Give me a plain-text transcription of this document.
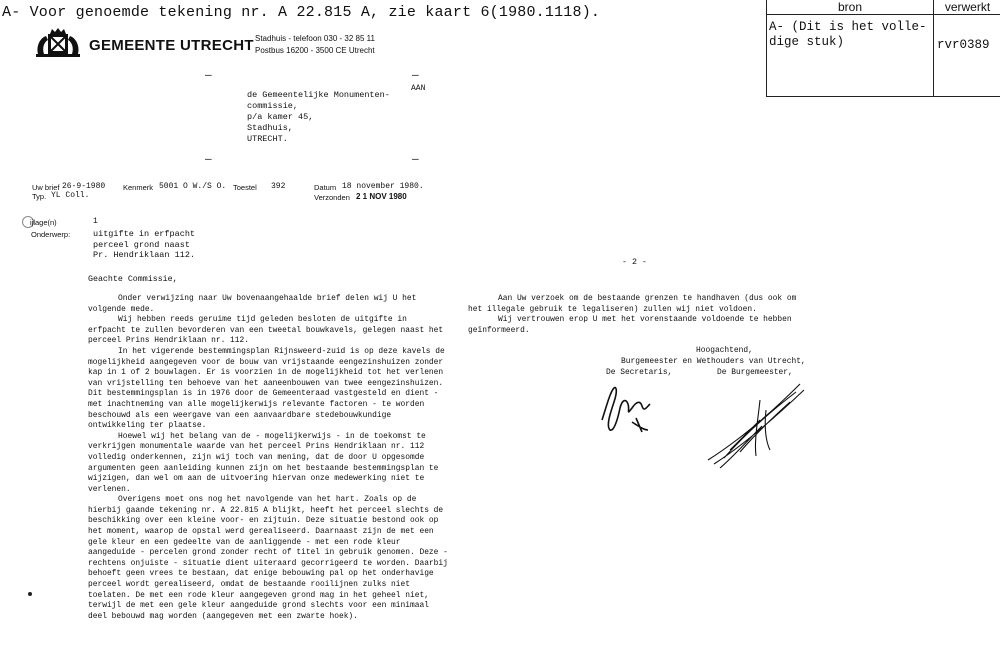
A- Voor genoemde tekening nr. A 22.815 A, zie kaart 6(1980.1118).	bron	verwerkt
A- (Dit is het volle-
dige stuk)	rvr0389
GEMEENTE UTRECHT Stadhuis - telefoon 030 - 32 85 11
Postbus 16200 - 3500 CE Utrecht
–	–
–	–
AAN
de Gemeentelijke Monumenten-
commissie,
p/a kamer 45,
Stadhuis,
UTRECHT.
Uw brief 26-9-1980
Typ. YL Coll.
Kenmerk 5001 O W./S O. Toestel 392	Datum 18 november 1980.
Verzonden 2 1 NOV 1980
ijlage(n)	1
Onderwerp:	uitgifte in erfpacht
perceel grond naast
Pr. Hendriklaan 112.
Geachte Commissie,

Onder verwijzing naar Uw bovenaangehaalde brief delen wij U het volgende mede.

Wij hebben reeds geruime tijd geleden besloten de uitgifte in erfpacht te zullen bevorderen van een tweetal bouwkavels, gelegen naast het perceel Prins Hendriklaan nr. 112.

In het vigerende bestemmingsplan Rijnsweerd-zuid is op deze kavels de mogelijkheid aangegeven voor de bouw van vrijstaande eengezinshuizen zonder kap in 1 of 2 bouwlagen. Er is voorzien in de mogelijkheid tot het verlenen van vrijstelling ten behoeve van het aaneenbouwen van twee eengezinshuizen. Dit bestemmingsplan is in 1976 door de Gemeenteraad vastgesteld en dient - met inachtneming van alle mogelijkerwijs relevante factoren - te worden beschouwd als een weergave van een aanvaardbare stedebouwkundige ontwikkeling ter plaatse.

Hoewel wij het belang van de - mogelijkerwijs - in de toekomst te verkrijgen monumentale waarde van het perceel Prins Hendriklaan nr. 112 volledig onderkennen, zijn wij toch van mening, dat de door U opgesomde argumenten geen aanleiding kunnen zijn om het bestaande bestemmingsplan te wijzigen, dan wel om aan de uitvoering hiervan onze medewerking niet te verlenen.

Overigens moet ons nog het navolgende van het hart. Zoals op de hierbij gaande tekening nr. A 22.815 A blijkt, heeft het perceel slechts de beschikking over een kleine voor- en zijtuin. Deze situatie bestond ook op het moment, waarop de opstal werd gerealiseerd. Daarnaast zijn de met een gele kleur en een gedeelte van de aanliggende - met een rode kleur aangeduide - percelen grond zonder recht of titel in gebruik genomen. Deze - rechtens onjuiste - situatie dient uiteraard gecorrigeerd te worden. Daarbij behoeft geen vrees te bestaan, dat enige bebouwing pal op het onderhavige perceel wordt gerealiseerd, omdat de bestaande rooilijnen zulks niet toelaten. De met een rode kleur aangegeven grond mag in het geheel niet, terwijl de met een gele kleur aangeduide grond slechts voor een minimaal deel bebouwd mag worden (aangegeven met een zwarte hoek).

- 2 -

Aan Uw verzoek om de bestaande grenzen te handhaven (dus ook om het illegale gebruik te legaliseren) zullen wij niet voldoen.

Wij vertrouwen erop U met het vorenstaande voldoende te hebben geïnformeerd.

Hoogachtend,
Burgemeester en Wethouders van Utrecht,
De Secretaris,	De Burgemeester,
